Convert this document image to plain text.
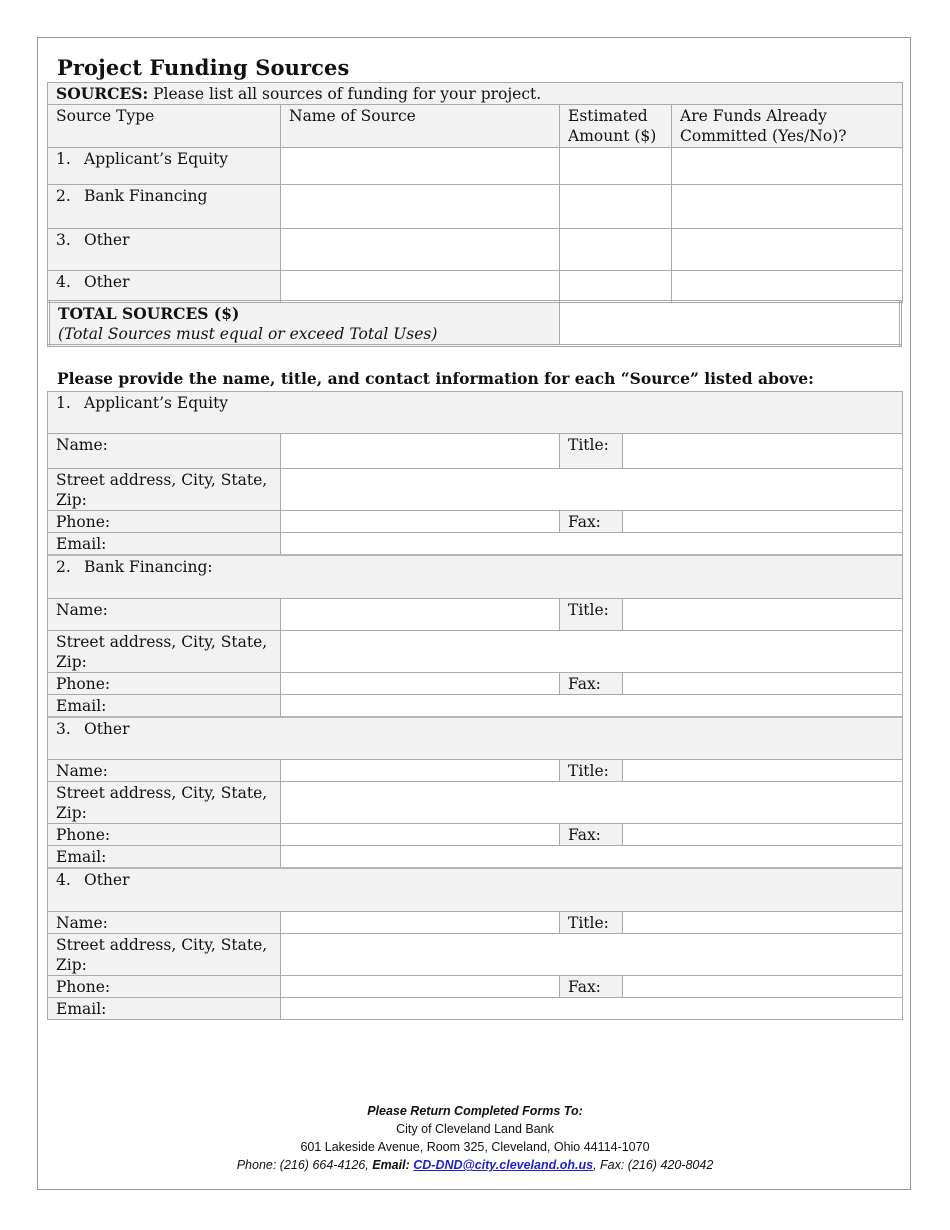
Project Funding Sources
SOURCES: Please list all sources of funding for your project.			
Source Type	Name of Source	Estimated Amount ($)	Are Funds Already Committed (Yes/No)?
1. Applicant’s Equity			
2. Bank Financing			
3. Other			
4. Other			
TOTAL SOURCES ($)
(Total Sources must equal or exceed Total Uses)

Please provide the name, title, and contact information for each “Source” listed above:
1. Applicant’s Equity			
Name:		Title:	
Street address, City, State, Zip:			
Phone:		Fax:	
Email:			
2. Bank Financing:			
Name:		Title:	
Street address, City, State, Zip:			
Phone:		Fax:	
Email:			
3. Other			
Name:		Title:	
Street address, City, State, Zip:			
Phone:		Fax:	
Email:			
4. Other			
Name:		Title:	
Street address, City, State, Zip:			
Phone:		Fax:	
Email:			
Please Return Completed Forms To:
City of Cleveland Land Bank
601 Lakeside Avenue, Room 325, Cleveland, Ohio 44114-1070
Phone: (216) 664-4126, Email: CD-DND@city.cleveland.oh.us, Fax: (216) 420-8042
